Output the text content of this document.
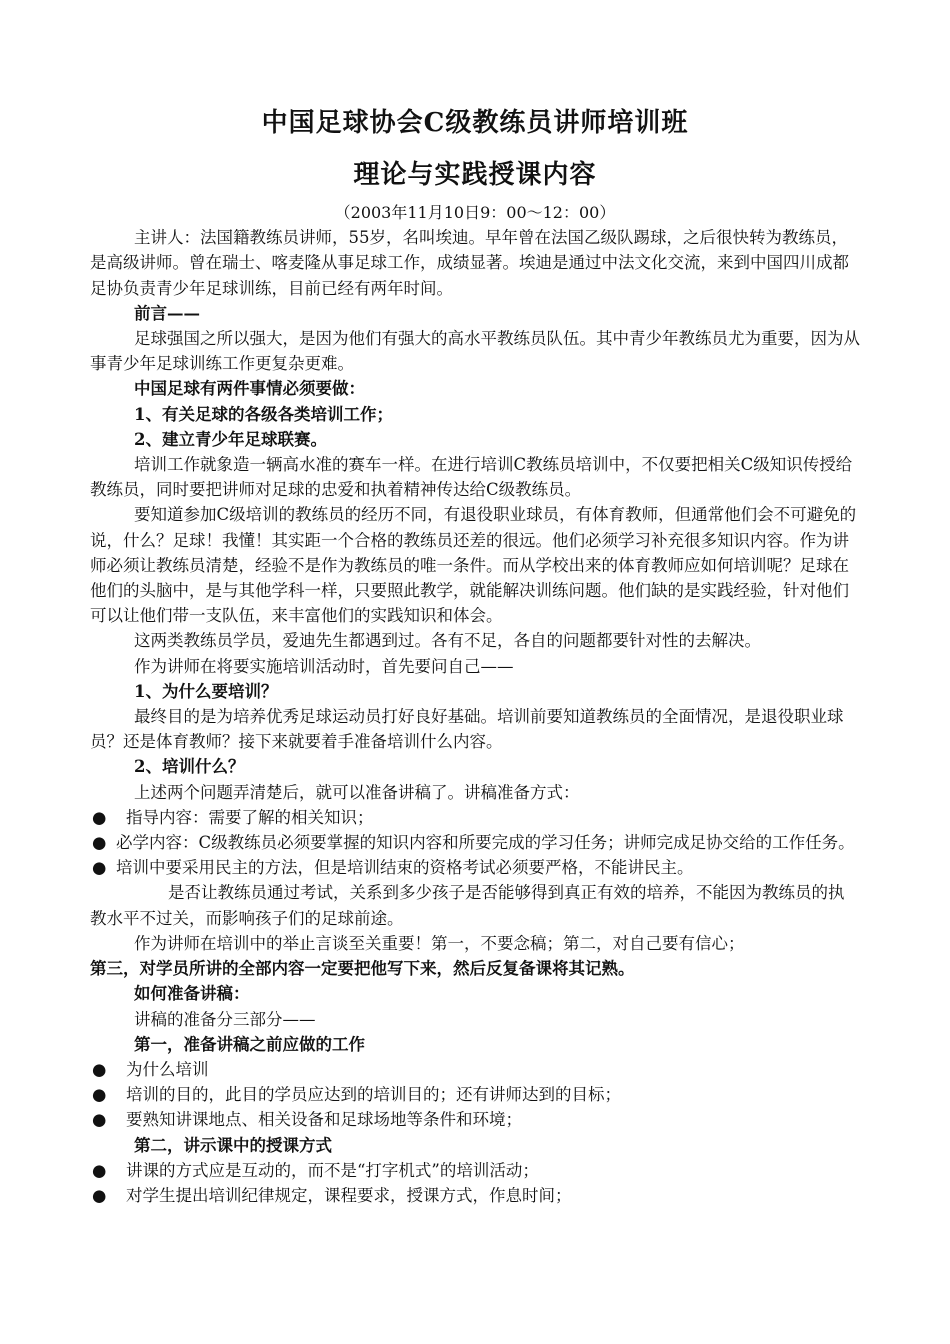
中国足球协会C级教练员讲师培训班

理论与实践授课内容

（2003年11月10日9：00～12：00）

主讲人：法国籍教练员讲师，55岁，名叫埃迪。早年曾在法国乙级队踢球，之后很快转为教练员，是高级讲师。曾在瑞士、喀麦隆从事足球工作，成绩显著。埃迪是通过中法文化交流，来到中国四川成都足协负责青少年足球训练，目前已经有两年时间。

前言——

足球强国之所以强大，是因为他们有强大的高水平教练员队伍。其中青少年教练员尤为重要，因为从事青少年足球训练工作更复杂更难。

中国足球有两件事情必须要做：

1、有关足球的各级各类培训工作；

2、建立青少年足球联赛。

培训工作就象造一辆高水准的赛车一样。在进行培训C教练员培训中，不仅要把相关C级知识传授给教练员，同时要把讲师对足球的忠爱和执着精神传达给C级教练员。

要知道参加C级培训的教练员的经历不同，有退役职业球员，有体育教师，但通常他们会不可避免的说，什么？足球！我懂！其实距一个合格的教练员还差的很远。他们必须学习补充很多知识内容。作为讲师必须让教练员清楚，经验不是作为教练员的唯一条件。而从学校出来的体育教师应如何培训呢？足球在他们的头脑中，是与其他学科一样，只要照此教学，就能解决训练问题。他们缺的是实践经验，针对他们可以让他们带一支队伍，来丰富他们的实践知识和体会。

这两类教练员学员，爱迪先生都遇到过。各有不足，各自的问题都要针对性的去解决。

作为讲师在将要实施培训活动时，首先要问自己——

1、为什么要培训？

最终目的是为培养优秀足球运动员打好良好基础。培训前要知道教练员的全面情况，是退役职业球员？还是体育教师？接下来就要着手准备培训什么内容。

2、培训什么？

上述两个问题弄清楚后，就可以准备讲稿了。讲稿准备方式：

●	指导内容：需要了解的相关知识；
● 必学内容：C级教练员必须要掌握的知识内容和所要完成的学习任务；讲师完成足协交给的工作任务。
● 培训中要采用民主的方法，但是培训结束的资格考试必须要严格，不能讲民主。

是否让教练员通过考试，关系到多少孩子是否能够得到真正有效的培养，不能因为教练员的执教水平不过关，而影响孩子们的足球前途。

作为讲师在培训中的举止言谈至关重要！第一，不要念稿；第二，对自己要有信心；

第三，对学员所讲的全部内容一定要把他写下来，然后反复备课将其记熟。

如何准备讲稿：

讲稿的准备分三部分——

第一，准备讲稿之前应做的工作

●	为什么培训
●	培训的目的，此目的学员应达到的培训目的；还有讲师达到的目标；
●	要熟知讲课地点、相关设备和足球场地等条件和环境；

第二，讲示课中的授课方式

●	讲课的方式应是互动的，而不是“打字机式”的培训活动；
●	对学生提出培训纪律规定，课程要求，授课方式，作息时间；
